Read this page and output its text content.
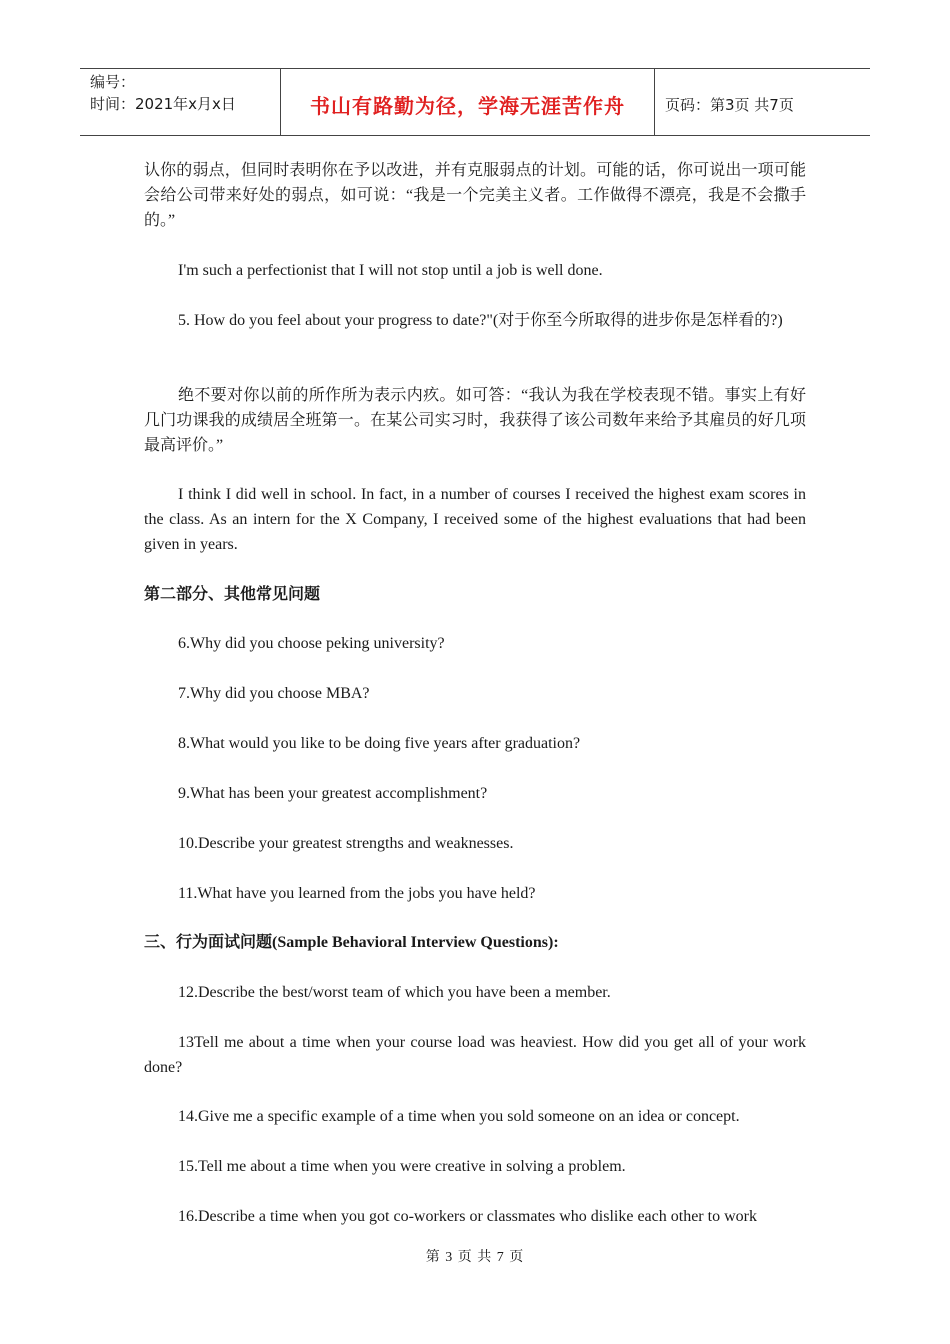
编号：
时间：2021年x月x日	书山有路勤为径，学海无涯苦作舟	页码：第3页 共7页

认你的弱点，但同时表明你在予以改进，并有克服弱点的计划。可能的话，你可说出一项可能会给公司带来好处的弱点，如可说：“我是一个完美主义者。工作做得不漂亮，我是不会撒手的。”

I'm such a perfectionist that I will not stop until a job is well done.

5. How do you feel about your progress to date?"(对于你至今所取得的进步你是怎样看的?)

绝不要对你以前的所作所为表示内疚。如可答：“我认为我在学校表现不错。事实上有好几门功课我的成绩居全班第一。在某公司实习时，我获得了该公司数年来给予其雇员的好几项最高评价。”

I think I did well in school. In fact, in a number of courses I received the highest exam scores in the class. As an intern for the X Company, I received some of the highest evaluations that had been given in years.

第二部分、其他常见问题

6.Why did you choose peking university?

7.Why did you choose MBA?

8.What would you like to be doing five years after graduation?

9.What has been your greatest accomplishment?

10.Describe your greatest strengths and weaknesses.

11.What have you learned from the jobs you have held?

三、行为面试问题(Sample Behavioral Interview Questions):

12.Describe the best/worst team of which you have been a member.

13Tell me about a time when your course load was heaviest. How did you get all of your work done?

14.Give me a specific example of a time when you sold someone on an idea or concept.

15.Tell me about a time when you were creative in solving a problem.

16.Describe a time when you got co-workers or classmates who dislike each other to work

第 3 页 共 7 页
